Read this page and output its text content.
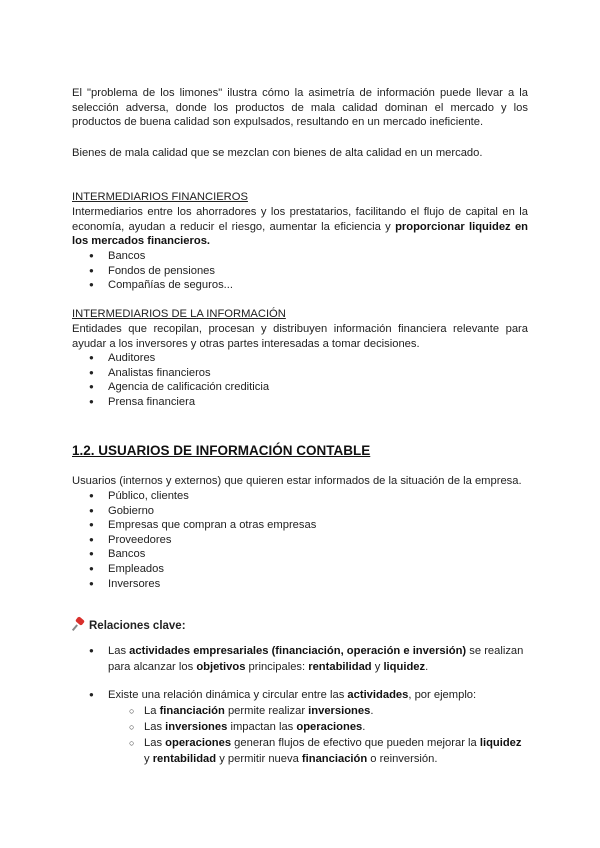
El "problema de los limones" ilustra cómo la asimetría de información puede llevar a la selección adversa, donde los productos de mala calidad dominan el mercado y los productos de buena calidad son expulsados, resultando en un mercado ineficiente.

Bienes de mala calidad que se mezclan con bienes de alta calidad en un mercado.

INTERMEDIARIOS FINANCIEROS

Intermediarios entre los ahorradores y los prestatarios, facilitando el flujo de capital en la economía, ayudan a reducir el riesgo, aumentar la eficiencia y proporcionar liquidez en los mercados financieros.

● Bancos
● Fondos de pensiones
● Compañías de seguros...
INTERMEDIARIOS DE LA INFORMACIÓN

Entidades que recopilan, procesan y distribuyen información financiera relevante para ayudar a los inversores y otras partes interesadas a tomar decisiones.

● Auditores
● Analistas financieros
● Agencia de calificación crediticia
● Prensa financiera
1.2. USUARIOS DE INFORMACIÓN CONTABLE

Usuarios (internos y externos) que quieren estar informados de la situación de la empresa.

● Público, clientes
● Gobierno
● Empresas que compran a otras empresas
● Proveedores
● Bancos
● Empleados
● Inversores
Relaciones clave:
● Las actividades empresariales (financiación, operación e inversión) se realizan para alcanzar los objetivos principales: rentabilidad y liquidez.
● Existe una relación dinámica y circular entre las actividades, por ejemplo:
○ La financiación permite realizar inversiones.
○ Las inversiones impactan las operaciones.
○ Las operaciones generan flujos de efectivo que pueden mejorar la liquidez y rentabilidad y permitir nueva financiación o reinversión.
